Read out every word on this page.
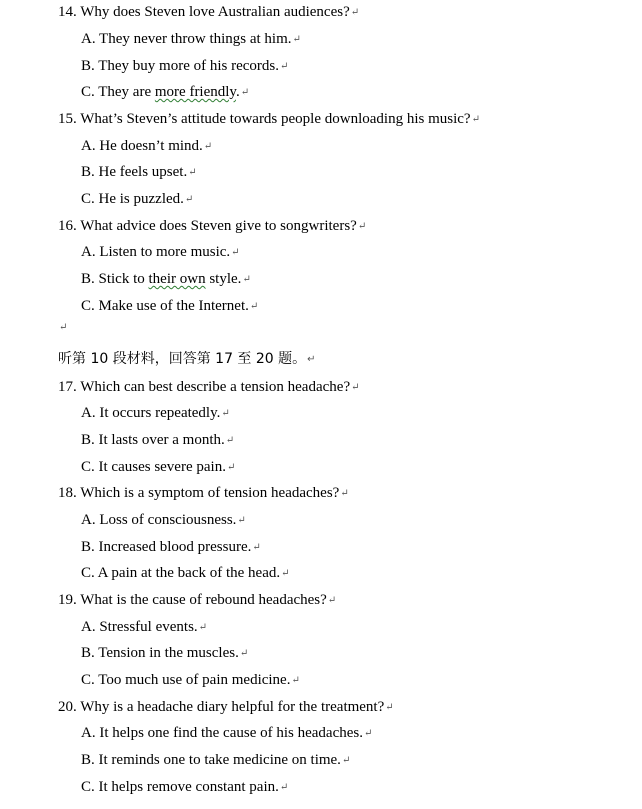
14. Why does Steven love Australian audiences?↵
A. They never throw things at him.↵
B. They buy more of his records.↵
C. They are more friendly.↵
15. What’s Steven’s attitude towards people downloading his music?↵
A. He doesn’t mind.↵
B. He feels upset.↵
C. He is puzzled.↵
16. What advice does Steven give to songwriters?↵
A. Listen to more music.↵
B. Stick to their own style.↵
C. Make use of the Internet.↵
↵
听第 10 段材料，回答第 17 至 20 题。↵
17. Which can best describe a tension headache?↵
A. It occurs repeatedly.↵
B. It lasts over a month.↵
C. It causes severe pain.↵
18. Which is a symptom of tension headaches?↵
A. Loss of consciousness.↵
B. Increased blood pressure.↵
C. A pain at the back of the head.↵
19. What is the cause of rebound headaches?↵
A. Stressful events.↵
B. Tension in the muscles.↵
C. Too much use of pain medicine.↵
20. Why is a headache diary helpful for the treatment?↵
A. It helps one find the cause of his headaches.↵
B. It reminds one to take medicine on time.↵
C. It helps remove constant pain.↵
